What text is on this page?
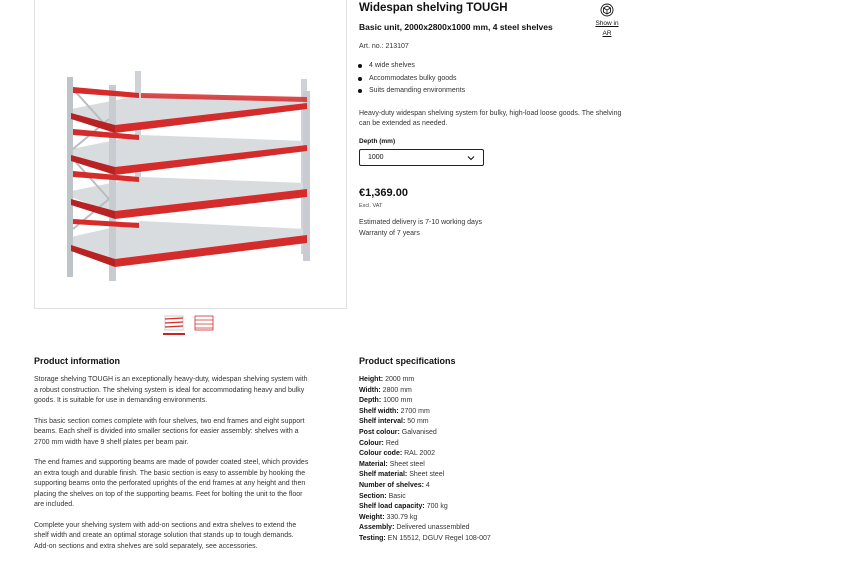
Widespan shelving TOUGH
Basic unit, 2000x2800x1000 mm, 4 steel shelves
Art. no.: 213107
Show in
AR
4 wide shelves
Accommodates bulky goods
Suits demanding environments
Heavy-duty widespan shelving system for bulky, high-load loose goods. The shelving can be extended as needed.
Depth (mm)
1000
€1,369.00
Excl. VAT
Estimated delivery is 7-10 working days
Warranty of 7 years
Product information

Storage shelving TOUGH is an exceptionally heavy-duty, widespan shelving system with a robust construction. The shelving system is ideal for accommodating heavy and bulky goods. It is suitable for use in demanding environments.

This basic section comes complete with four shelves, two end frames and eight support beams. Each shelf is divided into smaller sections for easier assembly: shelves with a 2700 mm width have 9 shelf plates per beam pair.

The end frames and supporting beams are made of powder coated steel, which provides an extra tough and durable finish. The basic section is easy to assemble by hooking the supporting beams onto the perforated uprights of the end frames at any height and then placing the shelves on top of the supporting beams. Feet for bolting the unit to the floor are included.

Complete your shelving system with add-on sections and extra shelves to extend the shelf width and create an optimal storage solution that stands up to tough demands. Add-on sections and extra shelves are sold separately, see accessories.

Product specifications
Height: 2000 mm
Width: 2800 mm
Depth: 1000 mm
Shelf width: 2700 mm
Shelf interval: 50 mm
Post colour: Galvanised
Colour: Red
Colour code: RAL 2002
Material: Sheet steel
Shelf material: Sheet steel
Number of shelves: 4
Section: Basic
Shelf load capacity: 700 kg
Weight: 330.79 kg
Assembly: Delivered unassembled
Testing: EN 15512, DGUV Regel 108-007
